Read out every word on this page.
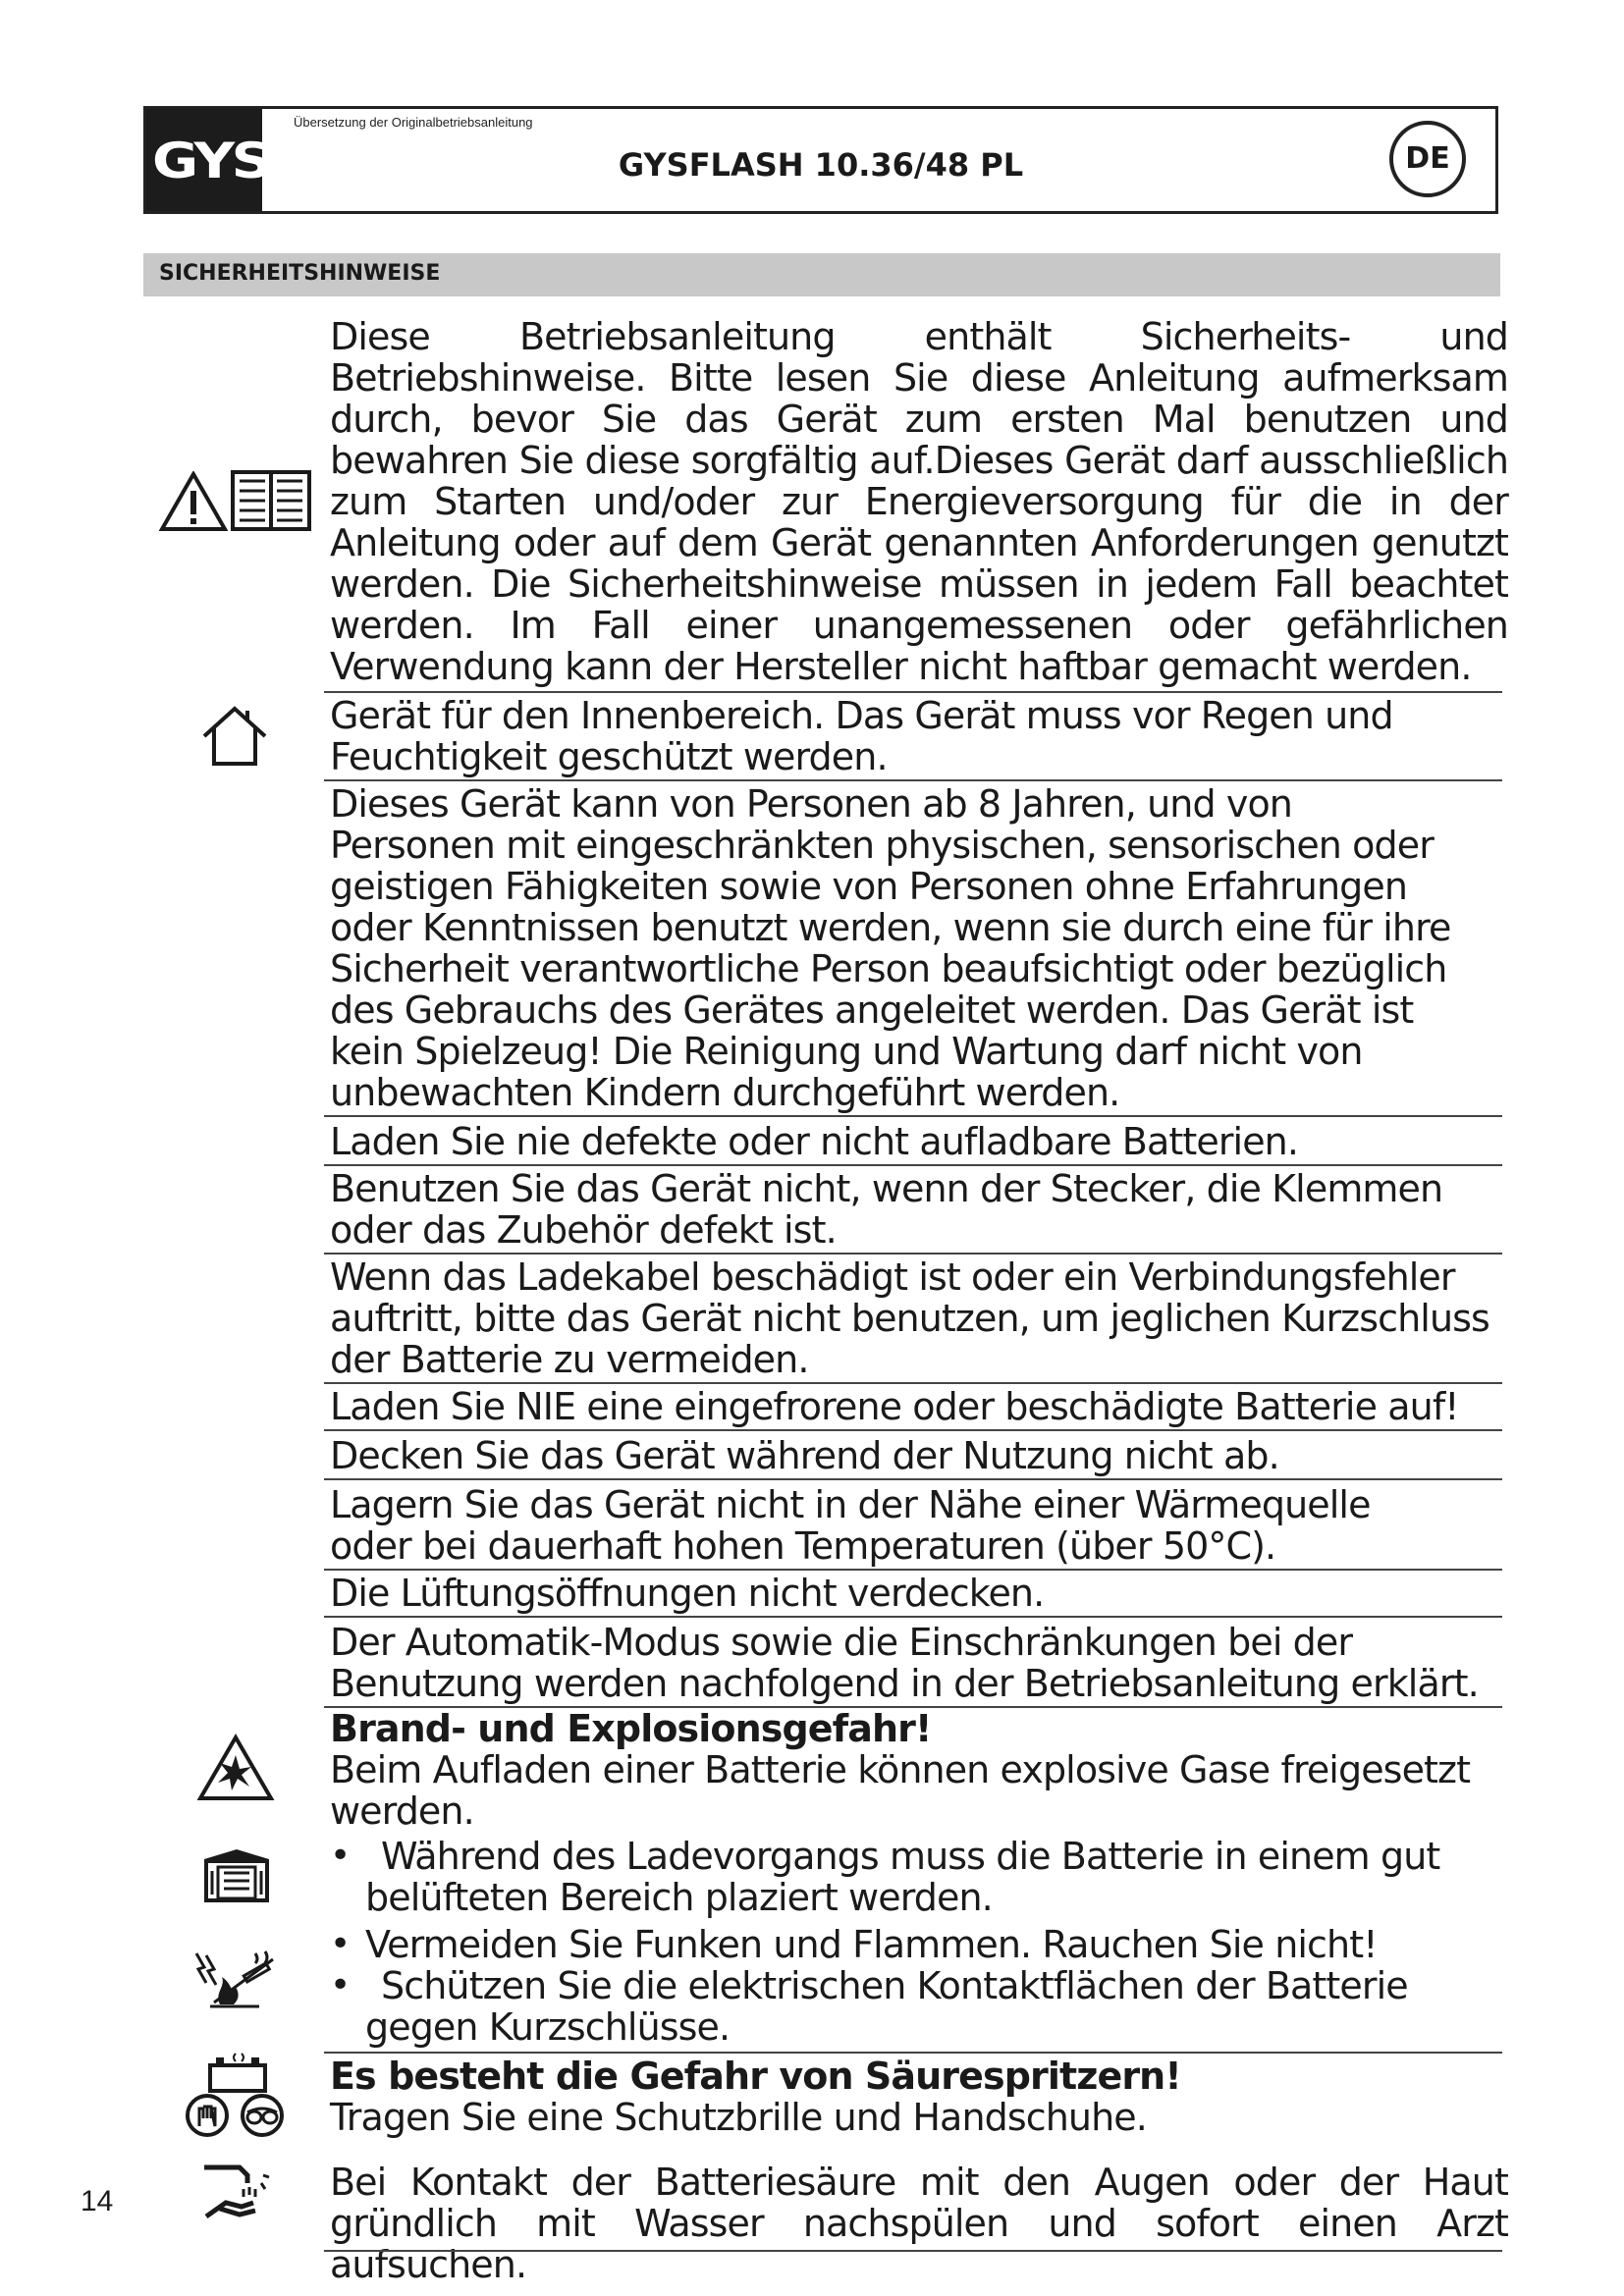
GYS
Übersetzung der Originalbetriebsanleitung
GYSFLASH 10.36/48 PL	DE
SICHERHEITSHINWEISE

Diese Betriebsanleitung enthält Sicherheits- und Betriebshinweise. Bitte lesen Sie diese Anleitung aufmerksam durch, bevor Sie das Gerät zum ersten Mal benutzen und bewahren Sie diese sorgfältig auf.Dieses Gerät darf ausschließlich zum Starten und/oder zur Energieversorgung für die in der Anleitung oder auf dem Gerät genannten Anforderungen genutzt werden. Die Sicherheitshinweise müssen in jedem Fall beachtet werden. Im Fall einer unangemessenen oder gefährlichen Verwendung kann der Hersteller nicht haftbar gemacht werden.

Gerät für den Innenbereich. Das Gerät muss vor Regen und
Feuchtigkeit geschützt werden.
Dieses Gerät kann von Personen ab 8 Jahren, und von
Personen mit eingeschränkten physischen, sensorischen oder
geistigen Fähigkeiten sowie von Personen ohne Erfahrungen
oder Kenntnissen benutzt werden, wenn sie durch eine für ihre
Sicherheit verantwortliche Person beaufsichtigt oder bezüglich
des Gebrauchs des Gerätes angeleitet werden. Das Gerät ist
kein Spielzeug! Die Reinigung und Wartung darf nicht von
unbewachten Kindern durchgeführt werden.
Laden Sie nie defekte oder nicht aufladbare Batterien.
Benutzen Sie das Gerät nicht, wenn der Stecker, die Klemmen
oder das Zubehör defekt ist.
Wenn das Ladekabel beschädigt ist oder ein Verbindungsfehler
auftritt, bitte das Gerät nicht benutzen, um jeglichen Kurzschluss
der Batterie zu vermeiden.
Laden Sie NIE eine eingefrorene oder beschädigte Batterie auf!
Decken Sie das Gerät während der Nutzung nicht ab.
Lagern Sie das Gerät nicht in der Nähe einer Wärmequelle
oder bei dauerhaft hohen Temperaturen (über 50°C).
Die Lüftungsöffnungen nicht verdecken.
Der Automatik-Modus sowie die Einschränkungen bei der
Benutzung werden nachfolgend in der Betriebsanleitung erklärt.
Brand- und Explosionsgefahr!
Beim Aufladen einer Batterie können explosive Gase freigesetzt
werden.
• Während des Ladevorgangs muss die Batterie in einem gut
belüfteten Bereich plaziert werden.
• Vermeiden Sie Funken und Flammen. Rauchen Sie nicht!
• Schützen Sie die elektrischen Kontaktflächen der Batterie
gegen Kurzschlüsse.
Es besteht die Gefahr von Säurespritzern!
Tragen Sie eine Schutzbrille und Handschuhe.

Bei Kontakt der Batteriesäure mit den Augen oder der Haut gründlich mit Wasser nachspülen und sofort einen Arzt aufsuchen.

14
